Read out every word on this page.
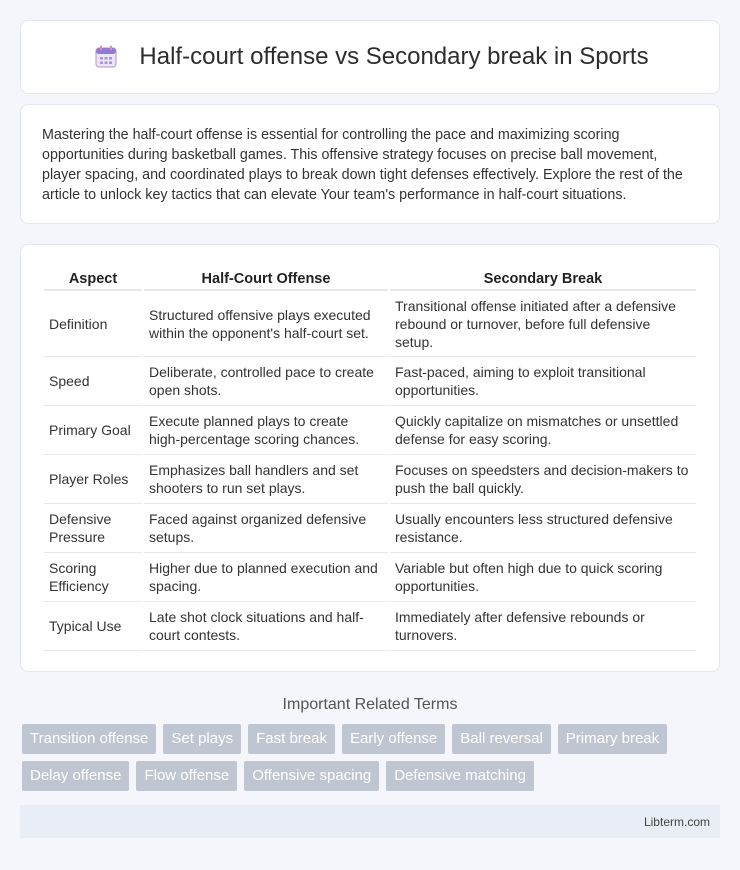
Half-court offense vs Secondary break in Sports

Mastering the half-court offense is essential for controlling the pace and maximizing scoring opportunities during basketball games. This offensive strategy focuses on precise ball movement, player spacing, and coordinated plays to break down tight defenses effectively. Explore the rest of the article to unlock key tactics that can elevate Your team's performance in half-court situations.

Aspect	Half-Court Offense	Secondary Break
Definition	Structured offensive plays executed within the opponent's half-court set.	Transitional offense initiated after a defensive rebound or turnover, before full defensive setup.
Speed	Deliberate, controlled pace to create open shots.	Fast-paced, aiming to exploit transitional opportunities.
Primary Goal	Execute planned plays to create high-percentage scoring chances.	Quickly capitalize on mismatches or unsettled defense for easy scoring.
Player Roles	Emphasizes ball handlers and set shooters to run set plays.	Focuses on speedsters and decision-makers to push the ball quickly.
Defensive Pressure	Faced against organized defensive setups.	Usually encounters less structured defensive resistance.
Scoring Efficiency	Higher due to planned execution and spacing.	Variable but often high due to quick scoring opportunities.
Typical Use	Late shot clock situations and half-court contests.	Immediately after defensive rebounds or turnovers.
Important Related Terms
Transition offense	Set plays	Fast break	Early offense	Ball reversal	Primary break
Delay offense	Flow offense	Offensive spacing	Defensive matching
Libterm.com
